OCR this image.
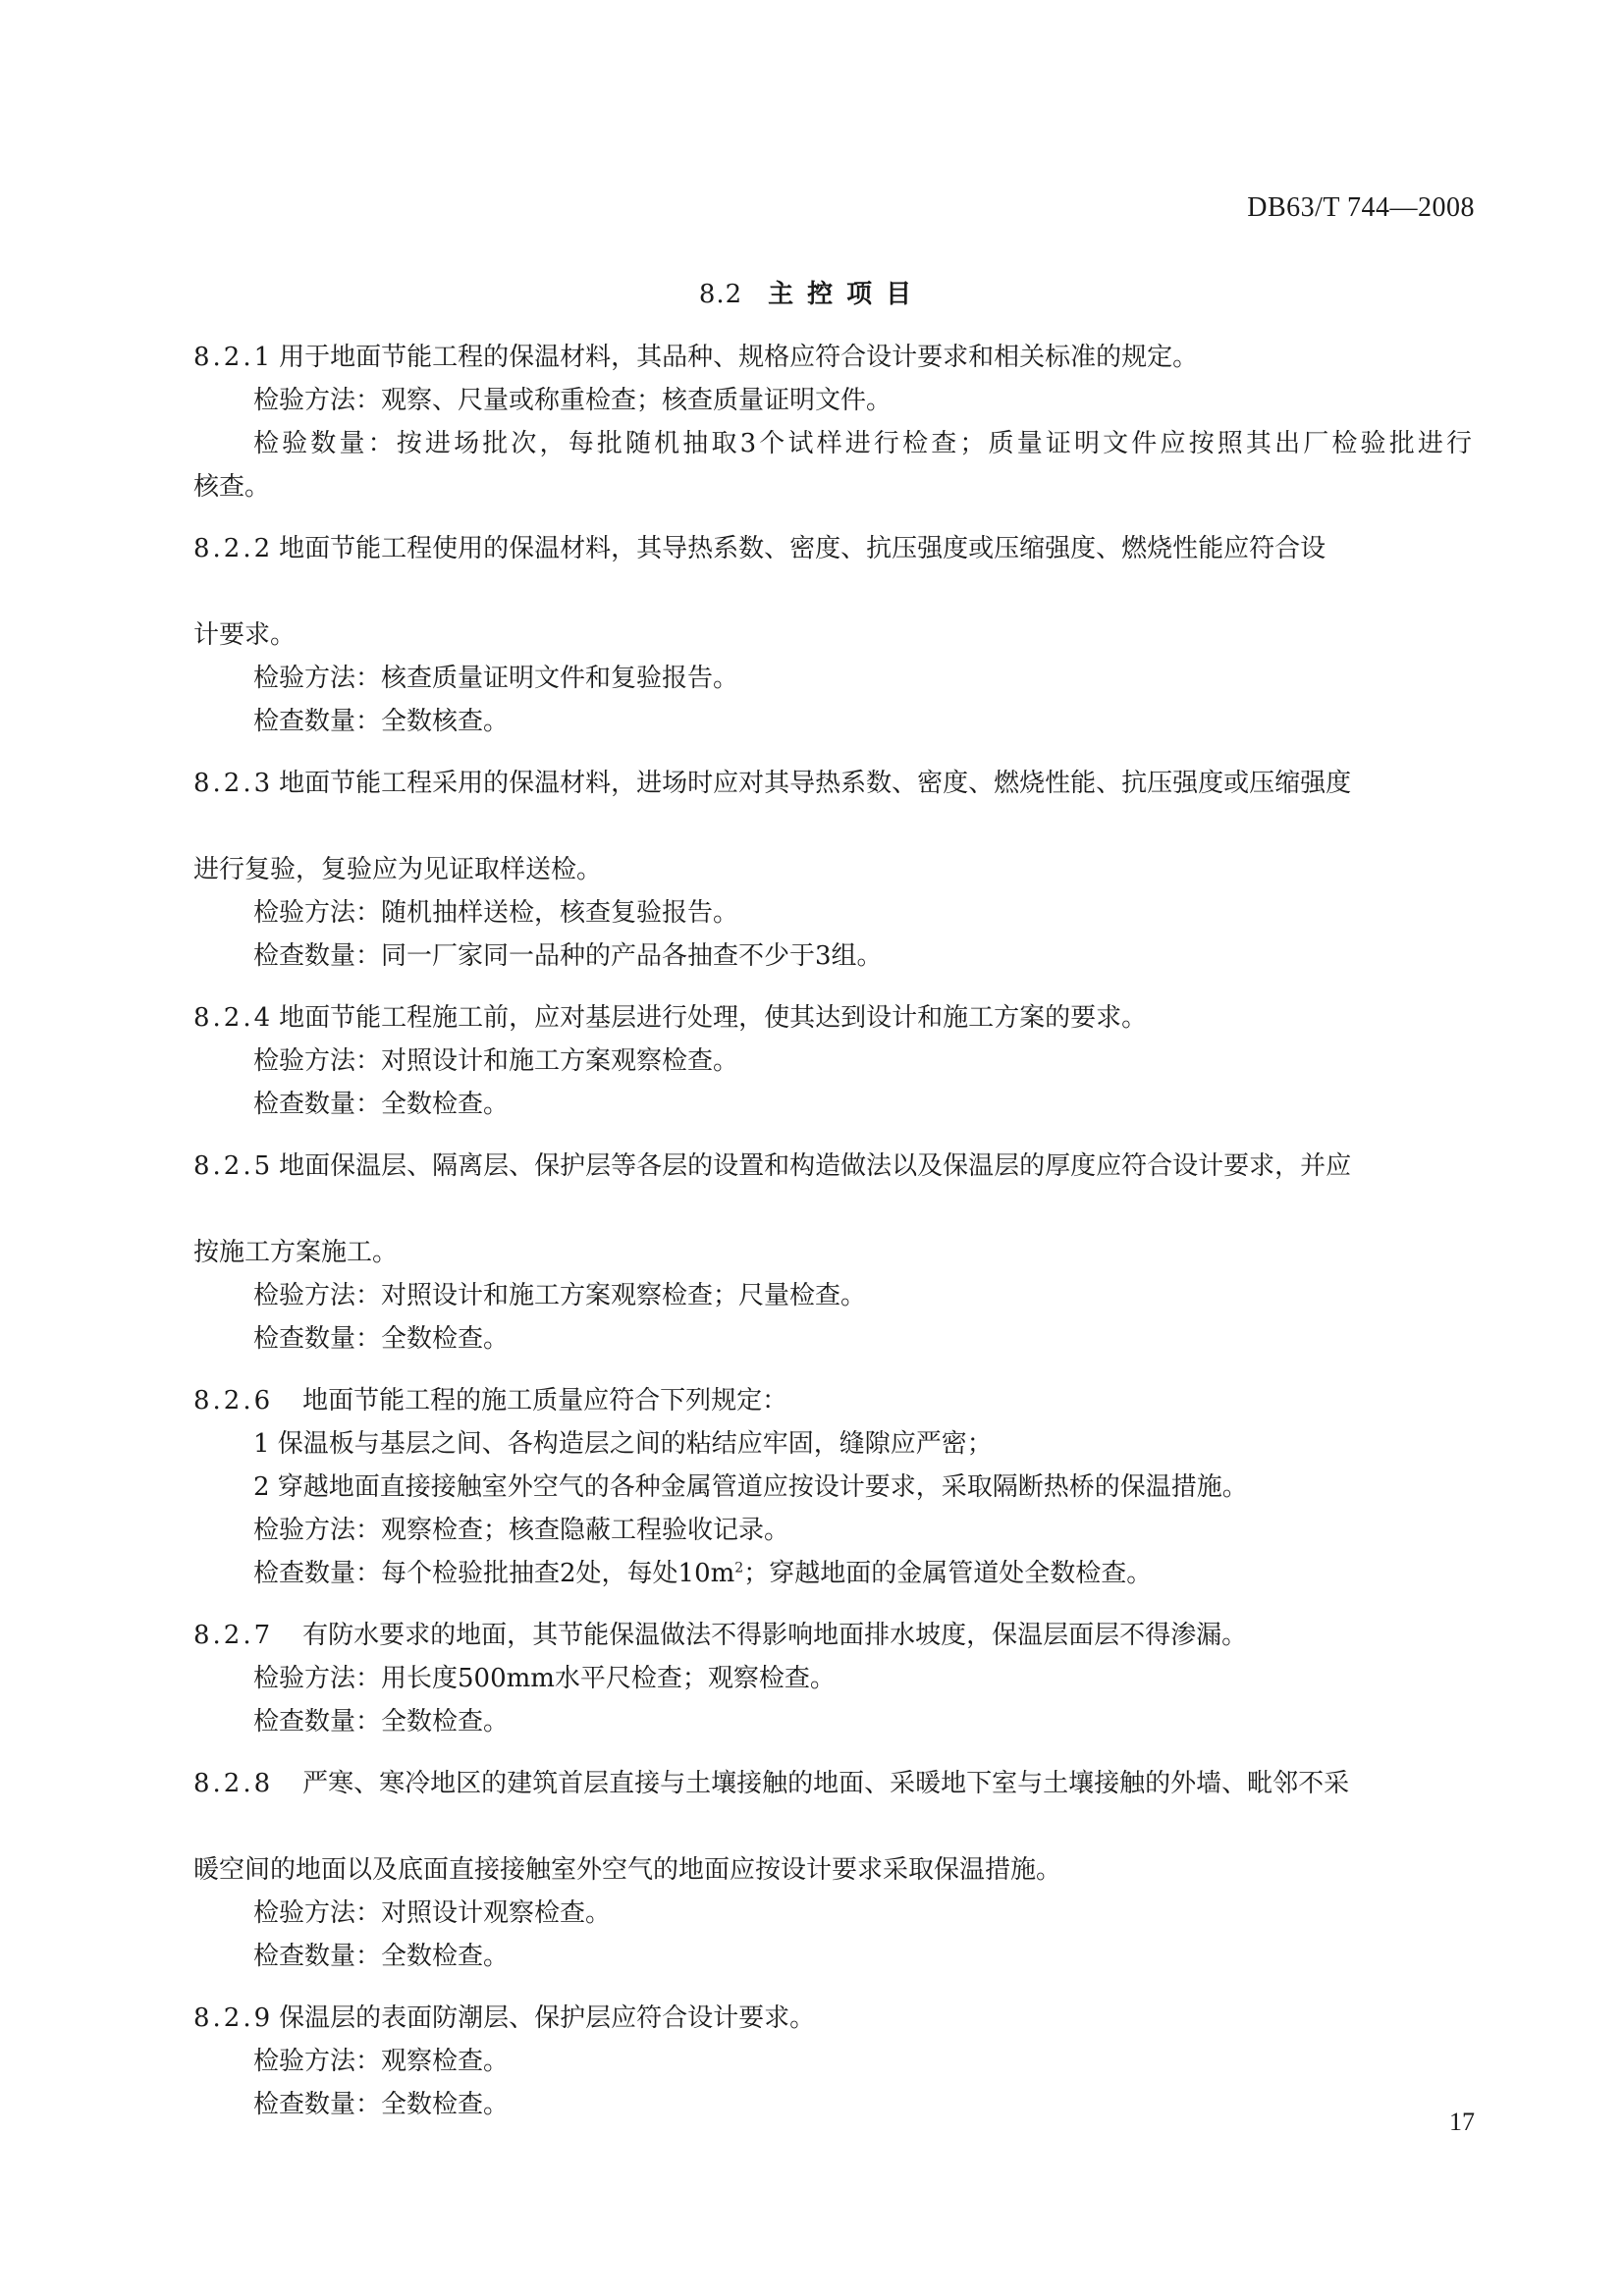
DB63/T 744—2008
8.2 主控项目
8.2.1 用于地面节能工程的保温材料，其品种、规格应符合设计要求和相关标准的规定。
检验方法：观察、尺量或称重检查；核查质量证明文件。
检验数量：按进场批次，每批随机抽取3个试样进行检查；质量证明文件应按照其出厂检验批进行
核查。
8.2.2 地面节能工程使用的保温材料，其导热系数、密度、抗压强度或压缩强度、燃烧性能应符合设
计要求。
检验方法：核查质量证明文件和复验报告。
检查数量：全数核查。
8.2.3 地面节能工程采用的保温材料，进场时应对其导热系数、密度、燃烧性能、抗压强度或压缩强度
进行复验，复验应为见证取样送检。
检验方法：随机抽样送检，核查复验报告。
检查数量：同一厂家同一品种的产品各抽查不少于3组。
8.2.4 地面节能工程施工前，应对基层进行处理，使其达到设计和施工方案的要求。
检验方法：对照设计和施工方案观察检查。
检查数量：全数检查。
8.2.5 地面保温层、隔离层、保护层等各层的设置和构造做法以及保温层的厚度应符合设计要求，并应
按施工方案施工。
检验方法：对照设计和施工方案观察检查；尺量检查。
检查数量：全数检查。
8.2.6 地面节能工程的施工质量应符合下列规定：
1 保温板与基层之间、各构造层之间的粘结应牢固，缝隙应严密；
2 穿越地面直接接触室外空气的各种金属管道应按设计要求，采取隔断热桥的保温措施。
检验方法：观察检查；核查隐蔽工程验收记录。
检查数量：每个检验批抽查2处，每处$10m^2$；穿越地面的金属管道处全数检查。
8.2.7 有防水要求的地面，其节能保温做法不得影响地面排水坡度，保温层面层不得渗漏。
检验方法：用长度500mm水平尺检查；观察检查。
检查数量：全数检查。
8.2.8 严寒、寒冷地区的建筑首层直接与土壤接触的地面、采暖地下室与土壤接触的外墙、毗邻不采
暖空间的地面以及底面直接接触室外空气的地面应按设计要求采取保温措施。
检验方法：对照设计观察检查。
检查数量：全数检查。
8.2.9 保温层的表面防潮层、保护层应符合设计要求。
检验方法：观察检查。
检查数量：全数检查。
17
